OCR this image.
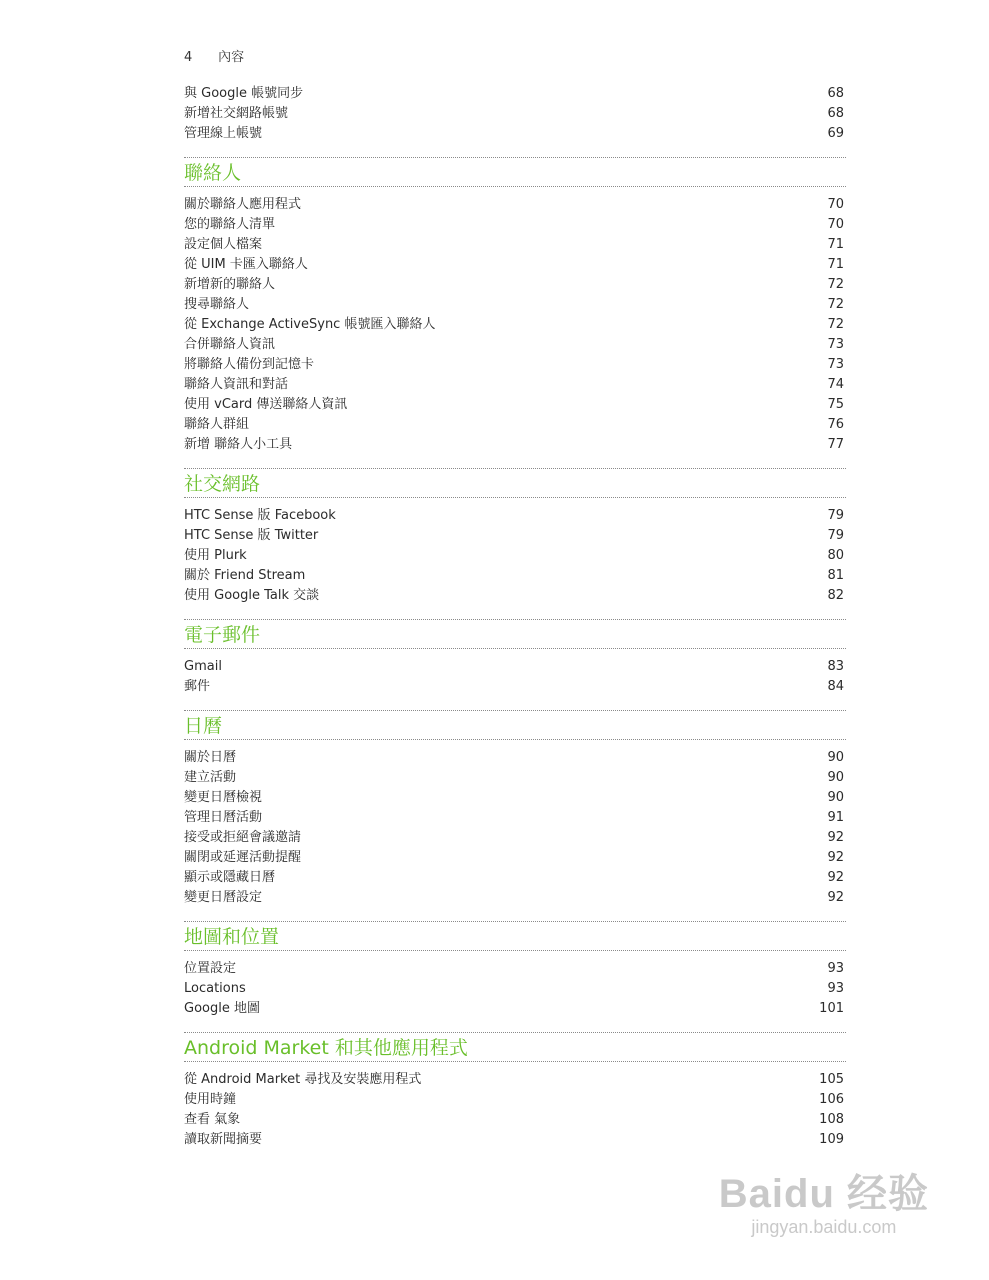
4 內容
與 Google 帳號同步	68
新增社交網路帳號	68
管理線上帳號	69
聯絡人
關於聯絡人應用程式	70
您的聯絡人清單	70
設定個人檔案	71
從 UIM 卡匯入聯絡人	71
新增新的聯絡人	72
搜尋聯絡人	72
從 Exchange ActiveSync 帳號匯入聯絡人	72
合併聯絡人資訊	73
將聯絡人備份到記憶卡	73
聯絡人資訊和對話	74
使用 vCard 傳送聯絡人資訊	75
聯絡人群組	76
新增 聯絡人小工具	77
社交網路
HTC Sense 版 Facebook	79
HTC Sense 版 Twitter	79
使用 Plurk	80
關於 Friend Stream	81
使用 Google Talk 交談	82
電子郵件
Gmail	83
郵件	84
日曆
關於日曆	90
建立活動	90
變更日曆檢視	90
管理日曆活動	91
接受或拒絕會議邀請	92
關閉或延遲活動提醒	92
顯示或隱藏日曆	92
變更日曆設定	92
地圖和位置
位置設定	93
Locations	93
Google 地圖	101
Android Market 和其他應用程式
從 Android Market 尋找及安裝應用程式	105
使用時鐘	106
查看 氣象	108
讀取新聞摘要	109
Baidu 经验
jingyan.baidu.com
